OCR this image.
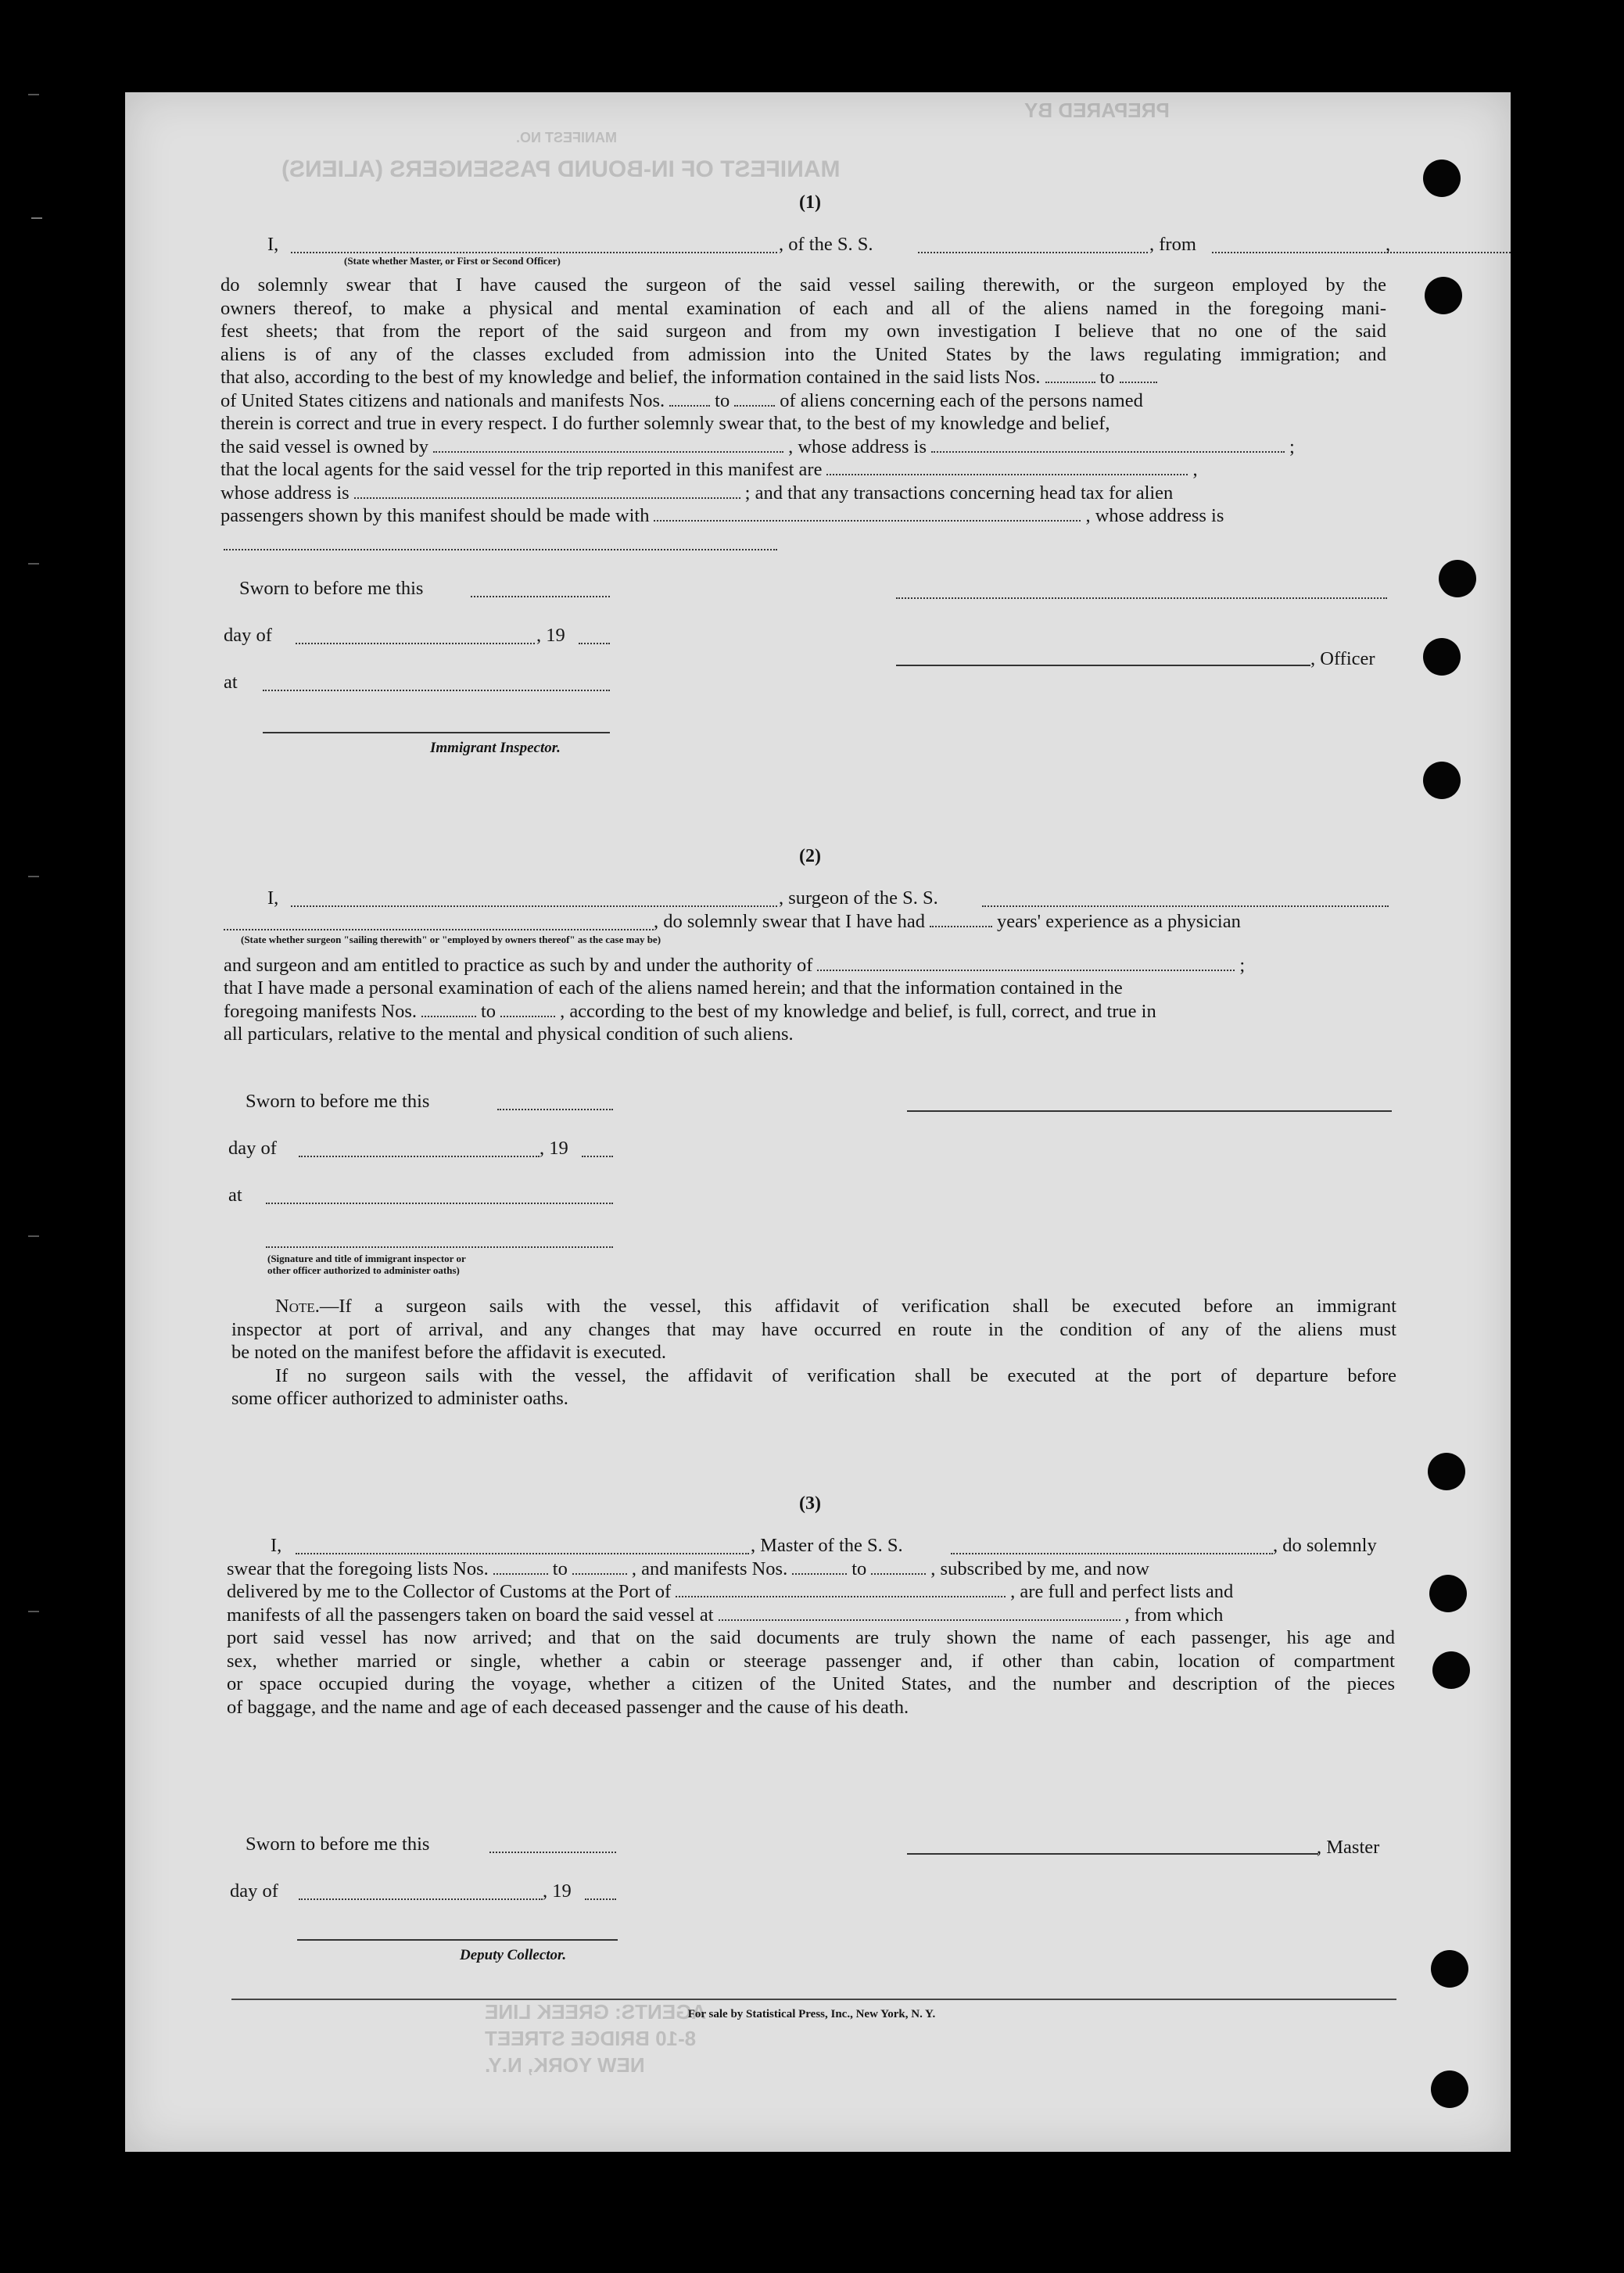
MANIFEST OF IN-BOUND PASSENGERS (ALIENS)
PREPARED BY
MANIFEST NO.
AGENTS: GREEK LINE
8-10 BRIDGE STREET
NEW YORK, N.Y.
(1)
I,	, of the S. S.	, from	,
(State whether Master, or First or Second Officer)
do solemnly swear that I have caused the surgeon of the said vessel sailing therewith, or the surgeon employed by the
owners thereof, to make a physical and mental examination of each and all of the aliens named in the foregoing mani-
fest sheets; that from the report of the said surgeon and from my own investigation I believe that no one of the said
aliens is of any of the classes excluded from admission into the United States by the laws regulating immigration; and
that also, according to the best of my knowledge and belief, the information contained in the said lists Nos.	to
of United States citizens and nationals and manifests Nos.	to	of aliens concerning each of the persons named
therein is correct and true in every respect. I do further solemnly swear that, to the best of my knowledge and belief,
the said vessel is owned by	, whose address is	;
that the local agents for the said vessel for the trip reported in this manifest are	,
whose address is	; and that any transactions concerning head tax for alien
passengers shown by this manifest should be made with	, whose address is
Sworn to before me this
day of	, 19
at
Immigrant Inspector.
, Officer
(2)
I,	, surgeon of the S. S.
, do solemnly swear that I have had	years' experience as a physician
(State whether surgeon "sailing therewith" or "employed by owners thereof" as the case may be)
and surgeon and am entitled to practice as such by and under the authority of	;
that I have made a personal examination of each of the aliens named herein; and that the information contained in the
foregoing manifests Nos.	to	, according to the best of my knowledge and belief, is full, correct, and true in
all particulars, relative to the mental and physical condition of such aliens.
Sworn to before me this
day of	, 19
at
(Signature and title of immigrant inspector or
other officer authorized to administer oaths)
Note.—If a surgeon sails with the vessel, this affidavit of verification shall be executed before an immigrant
inspector at port of arrival, and any changes that may have occurred en route in the condition of any of the aliens must
be noted on the manifest before the affidavit is executed.
If no surgeon sails with the vessel, the affidavit of verification shall be executed at the port of departure before
some officer authorized to administer oaths.
(3)
I,	, Master of the S. S.	, do solemnly
swear that the foregoing lists Nos.	to	, and manifests Nos.	to	, subscribed by me, and now
delivered by me to the Collector of Customs at the Port of	, are full and perfect lists and
manifests of all the passengers taken on board the said vessel at	, from which
port said vessel has now arrived; and that on the said documents are truly shown the name of each passenger, his age and
sex, whether married or single, whether a cabin or steerage passenger and, if other than cabin, location of compartment
or space occupied during the voyage, whether a citizen of the United States, and the number and description of the pieces
of baggage, and the name and age of each deceased passenger and the cause of his death.
Sworn to before me this
day of	, 19
Deputy Collector.
, Master
For sale by Statistical Press, Inc., New York, N. Y.
